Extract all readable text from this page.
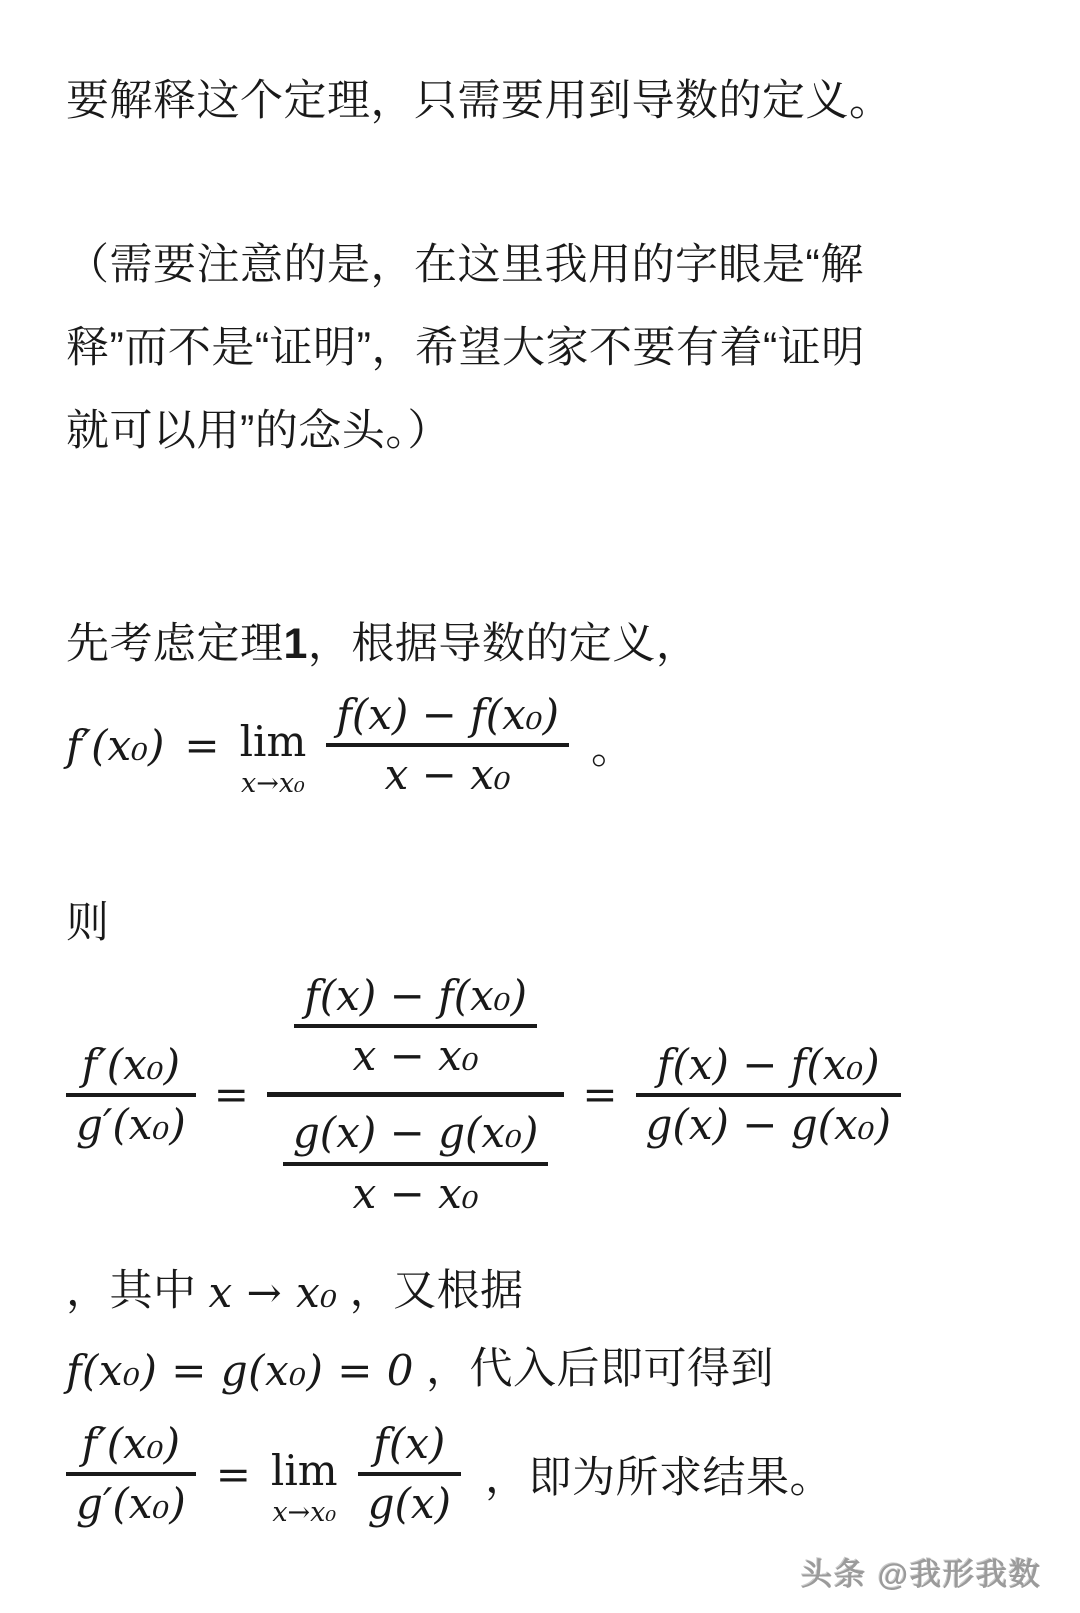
要解释这个定理，只需要用到导数的定义。

（需要注意的是，在这里我用的字眼是“解
释”而不是“证明”，希望大家不要有着“证明
就可以用”的念头。）

先考虑定理1，根据导数的定义，

f′(x₀) = lim
$x\to x_0 \frac{\text{f(x) − f(x₀)}}{\text{x − x₀}}$ 。

则

$\frac{\text{f′(x₀)}}{\text{g′(x₀)}}$ =
$\frac{\text{f(x) − f(x₀)}}{\text{x − x₀}}$
$\frac{\text{g(x) − g(x₀)}}{\text{x − x₀}}$
= $\frac{\text{f(x) − f(x₀)}}{\text{g(x) − g(x₀)}}$
，其中 x → x₀ ，又根据
f(x₀) = g(x₀) = 0 ，代入后即可得到
$\frac{\text{f′(x₀)}}{\text{g′(x₀)}} = \lim$
$x\to x_0 \frac{f(x)}{g(x)}$ ，即为所求结果。
头条 @我形我数
